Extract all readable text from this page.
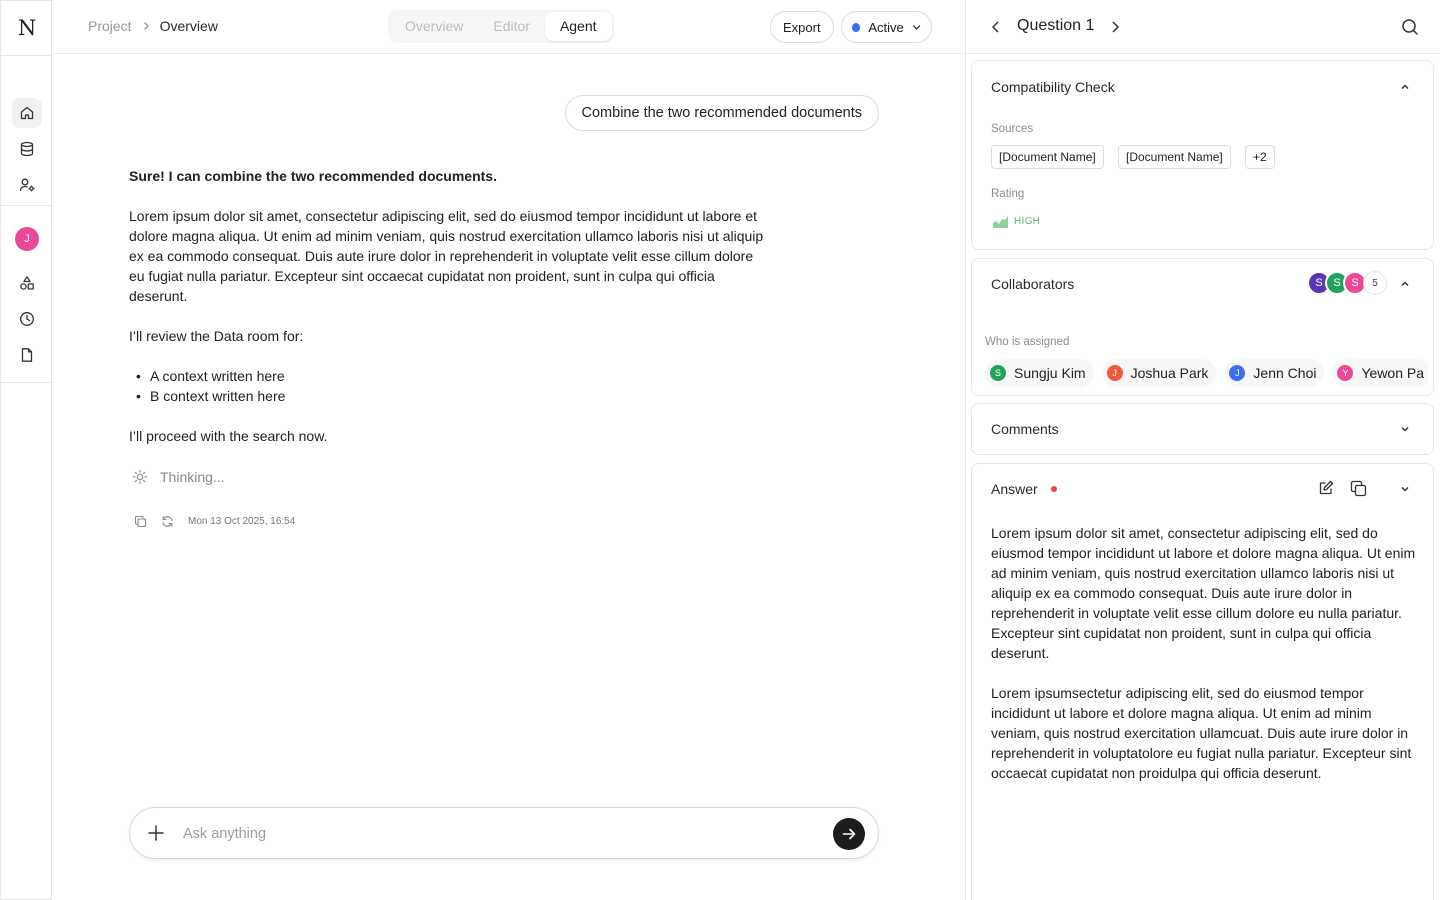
N
J
Project Overview	Overview	Editor	Agent	Export	Active
Combine the two recommended documents
Sure! I can combine the two recommended documents.

Lorem ipsum dolor sit amet, consectetur adipiscing elit, sed do eiusmod tempor incididunt ut labore et dolore magna aliqua. Ut enim ad minim veniam, quis nostrud exercitation ullamco laboris nisi ut aliquip ex ea commodo consequat. Duis aute irure dolor in reprehenderit in voluptate velit esse cillum dolore eu fugiat nulla pariatur. Excepteur sint occaecat cupidatat non proident, sunt in culpa qui officia deserunt.

I’ll review the Data room for:

• A context written here
• B context written here

I’ll proceed with the search now.

Thinking...
Mon 13 Oct 2025, 16:54
Ask anything
Question 1
Compatibility Check
Sources
[Document Name]	[Document Name]	+2
Rating
HIGH
Collaborators	S S S	5
Who is assigned
S Sungju Kim	J Joshua Park	J Jenn Choi	Y Yewon Pa
Comments
Answer

Lorem ipsum dolor sit amet, consectetur adipiscing elit, sed do eiusmod tempor incididunt ut labore et dolore magna aliqua. Ut enim ad minim veniam, quis nostrud exercitation ullamco laboris nisi ut aliquip ex ea commodo consequat. Duis aute irure dolor in reprehenderit in voluptate velit esse cillum dolore eu nulla pariatur. Excepteur sint cupidatat non proident, sunt in culpa qui officia deserunt.

Lorem ipsumsectetur adipiscing elit, sed do eiusmod tempor incididunt ut labore et dolore magna aliqua. Ut enim ad minim veniam, quis nostrud exercitation ullamcuat. Duis aute irure dolor in reprehenderit in voluptatolore eu fugiat nulla pariatur. Excepteur sint occaecat cupidatat non proidulpa qui officia deserunt.
